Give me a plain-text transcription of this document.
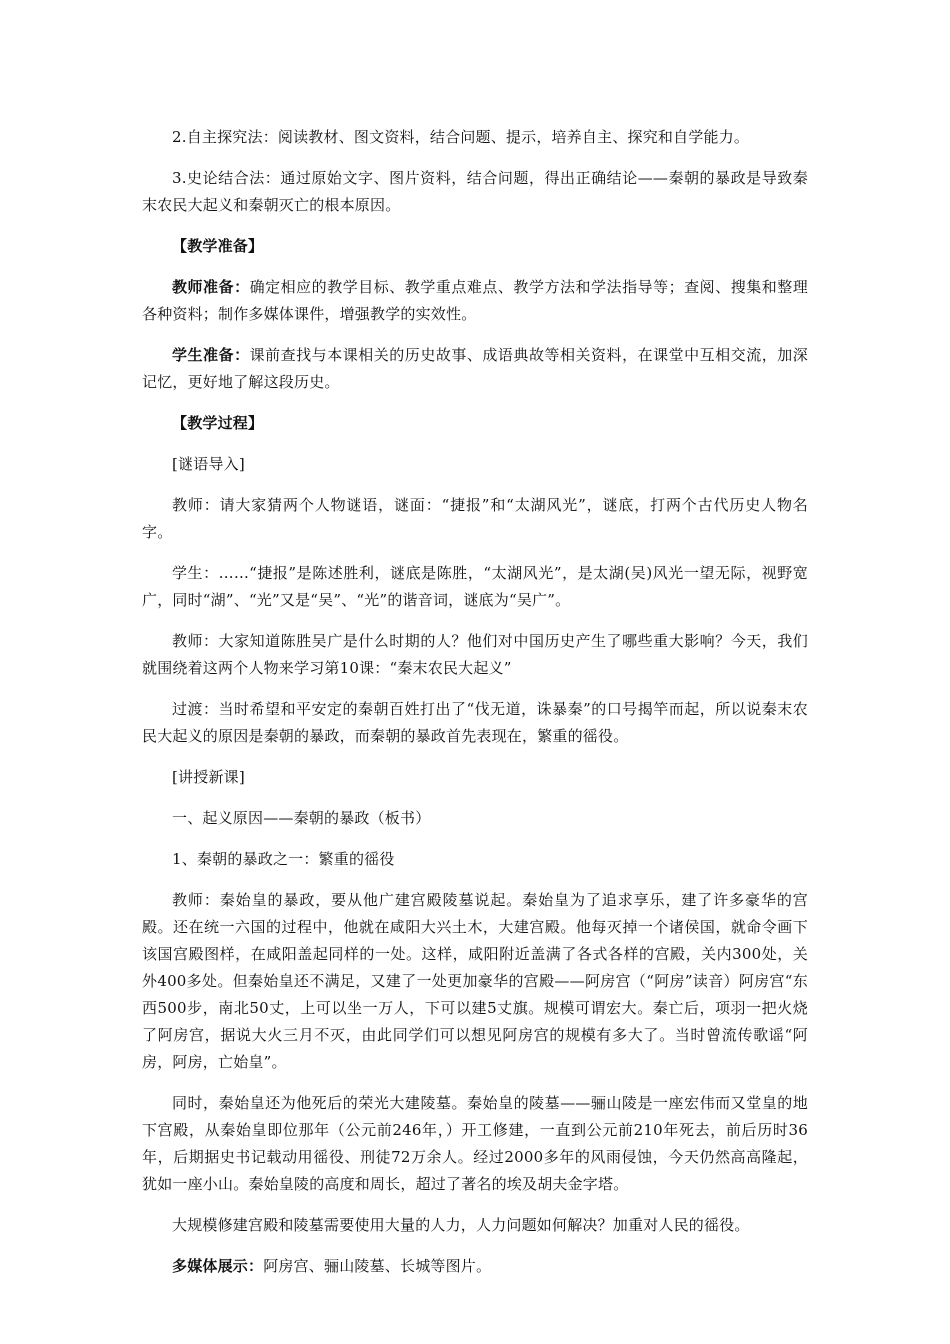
2.自主探究法：阅读教材、图文资料，结合问题、提示，培养自主、探究和自学能力。

3.史论结合法：通过原始文字、图片资料，结合问题，得出正确结论——秦朝的暴政是导致秦末农民大起义和秦朝灭亡的根本原因。

【教学准备】

教师准备：确定相应的教学目标、教学重点难点、教学方法和学法指导等；查阅、搜集和整理各种资料；制作多媒体课件，增强教学的实效性。

学生准备：课前查找与本课相关的历史故事、成语典故等相关资料，在课堂中互相交流，加深记忆，更好地了解这段历史。

【教学过程】

[谜语导入]

教师：请大家猜两个人物谜语，谜面：“捷报”和“太湖风光”，谜底，打两个古代历史人物名字。

学生：……“捷报”是陈述胜利，谜底是陈胜，“太湖风光”，是太湖(吴)风光一望无际，视野宽广，同时“湖”、“光”又是“吴”、“光”的谐音词，谜底为“吴广”。

教师：大家知道陈胜吴广是什么时期的人？他们对中国历史产生了哪些重大影响？今天，我们就围绕着这两个人物来学习第10课：“秦末农民大起义”

过渡：当时希望和平安定的秦朝百姓打出了“伐无道，诛暴秦”的口号揭竿而起，所以说秦末农民大起义的原因是秦朝的暴政，而秦朝的暴政首先表现在，繁重的徭役。

[讲授新课]

一、起义原因——秦朝的暴政（板书）

1、秦朝的暴政之一：繁重的徭役

教师：秦始皇的暴政，要从他广建宫殿陵墓说起。秦始皇为了追求享乐，建了许多豪华的宫殿。还在统一六国的过程中，他就在咸阳大兴土木，大建宫殿。他每灭掉一个诸侯国，就命令画下该国宫殿图样，在咸阳盖起同样的一处。这样，咸阳附近盖满了各式各样的宫殿，关内300处，关外400多处。但秦始皇还不满足，又建了一处更加豪华的宫殿——阿房宫（“阿房”读音）阿房宫“东西500步，南北50丈，上可以坐一万人，下可以建5丈旗。规模可谓宏大。秦亡后，项羽一把火烧了阿房宫，据说大火三月不灭，由此同学们可以想见阿房宫的规模有多大了。当时曾流传歌谣“阿房，阿房，亡始皇”。

同时，秦始皇还为他死后的荣光大建陵墓。秦始皇的陵墓——骊山陵是一座宏伟而又堂皇的地下宫殿，从秦始皇即位那年（公元前246年，）开工修建，一直到公元前210年死去，前后历时36年，后期据史书记载动用徭役、刑徒72万余人。经过2000多年的风雨侵蚀，今天仍然高高隆起，犹如一座小山。秦始皇陵的高度和周长，超过了著名的埃及胡夫金字塔。

大规模修建宫殿和陵墓需要使用大量的人力，人力问题如何解决？加重对人民的徭役。

多媒体展示：阿房宫、骊山陵墓、长城等图片。
